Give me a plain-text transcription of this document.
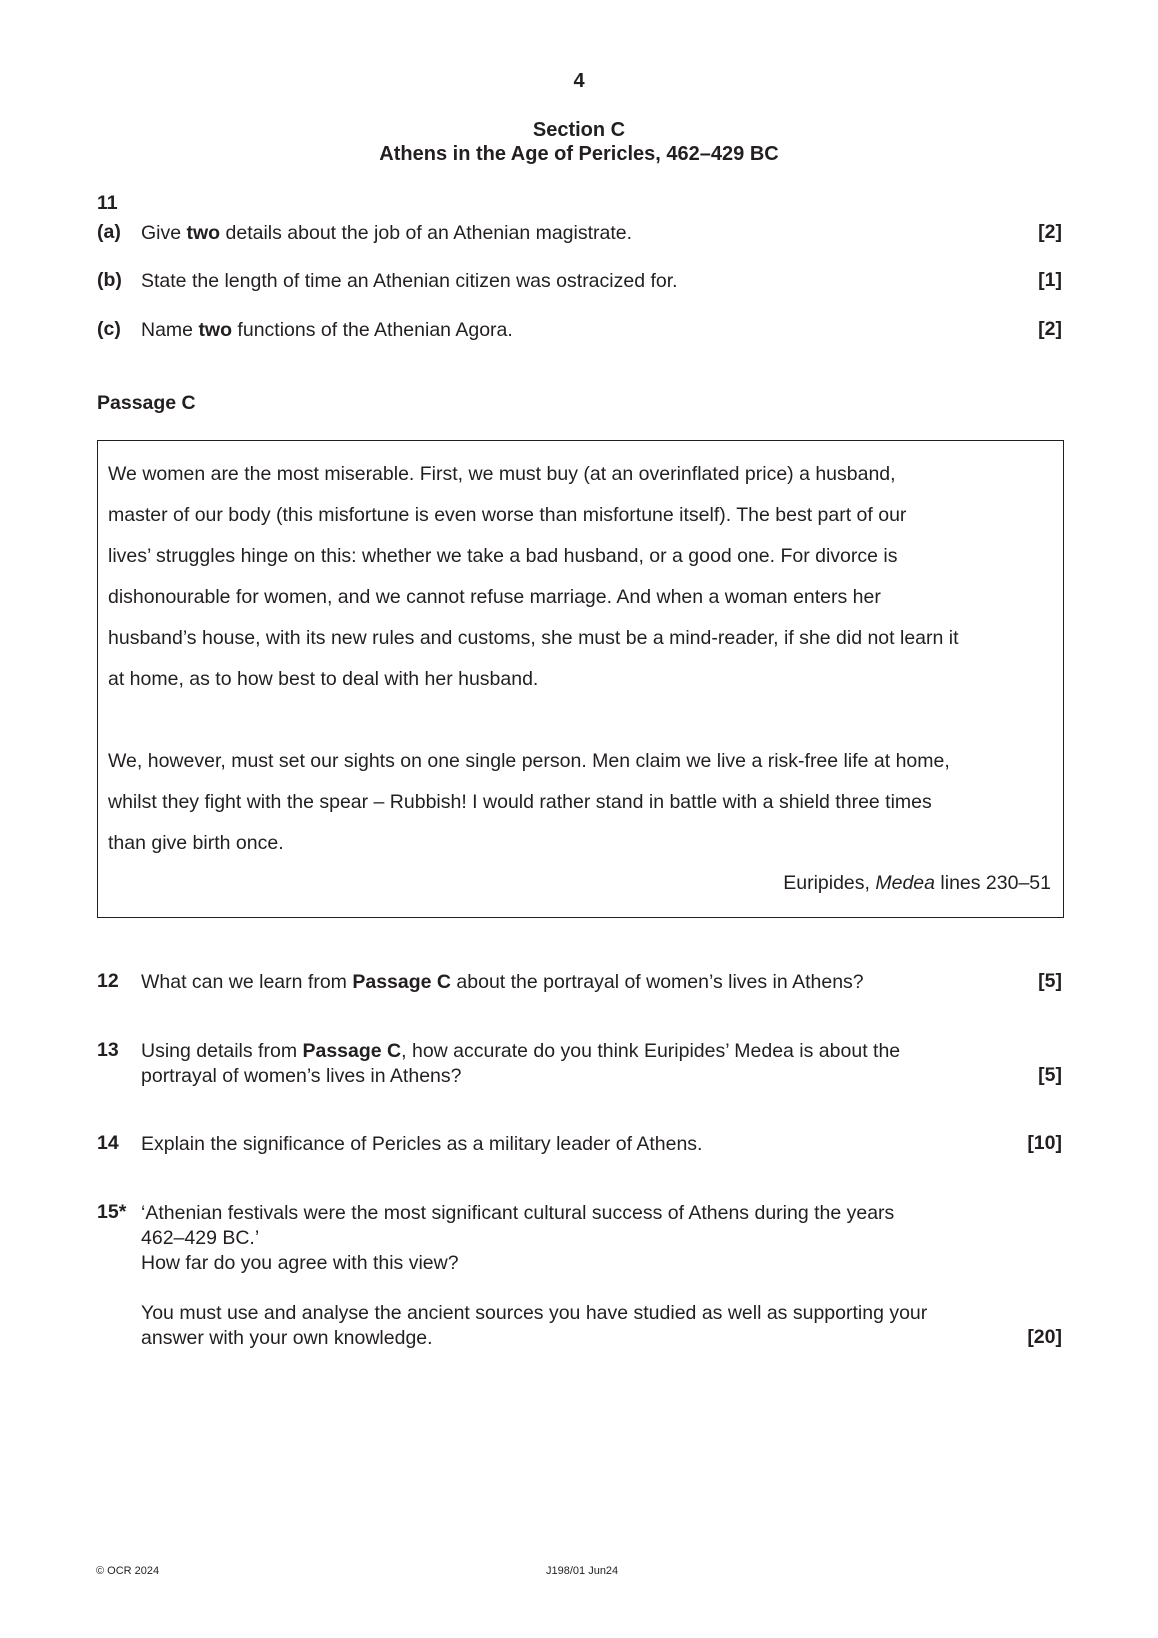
4
Section C
Athens in the Age of Pericles, 462–429 BC
11
(a) Give two details about the job of an Athenian magistrate.	[2]
(b) State the length of time an Athenian citizen was ostracized for.	[1]
(c) Name two functions of the Athenian Agora.	[2]
Passage C
We women are the most miserable. First, we must buy (at an overinflated price) a husband,
master of our body (this misfortune is even worse than misfortune itself). The best part of our
lives’ struggles hinge on this: whether we take a bad husband, or a good one. For divorce is
dishonourable for women, and we cannot refuse marriage. And when a woman enters her
husband’s house, with its new rules and customs, she must be a mind-reader, if she did not learn it
at home, as to how best to deal with her husband.
We, however, must set our sights on one single person. Men claim we live a risk-free life at home,
whilst they fight with the spear – Rubbish! I would rather stand in battle with a shield three times
than give birth once.
Euripides, Medea lines 230–51
12 What can we learn from Passage C about the portrayal of women’s lives in Athens?	[5]
13 Using details from Passage C, how accurate do you think Euripides’ Medea is about the
portrayal of women’s lives in Athens?	[5]
14 Explain the significance of Pericles as a military leader of Athens.	[10]
15* ‘Athenian festivals were the most significant cultural success of Athens during the years
462–429 BC.’
How far do you agree with this view?
You must use and analyse the ancient sources you have studied as well as supporting your
answer with your own knowledge.	[20]
© OCR 2024	J198/01 Jun24
